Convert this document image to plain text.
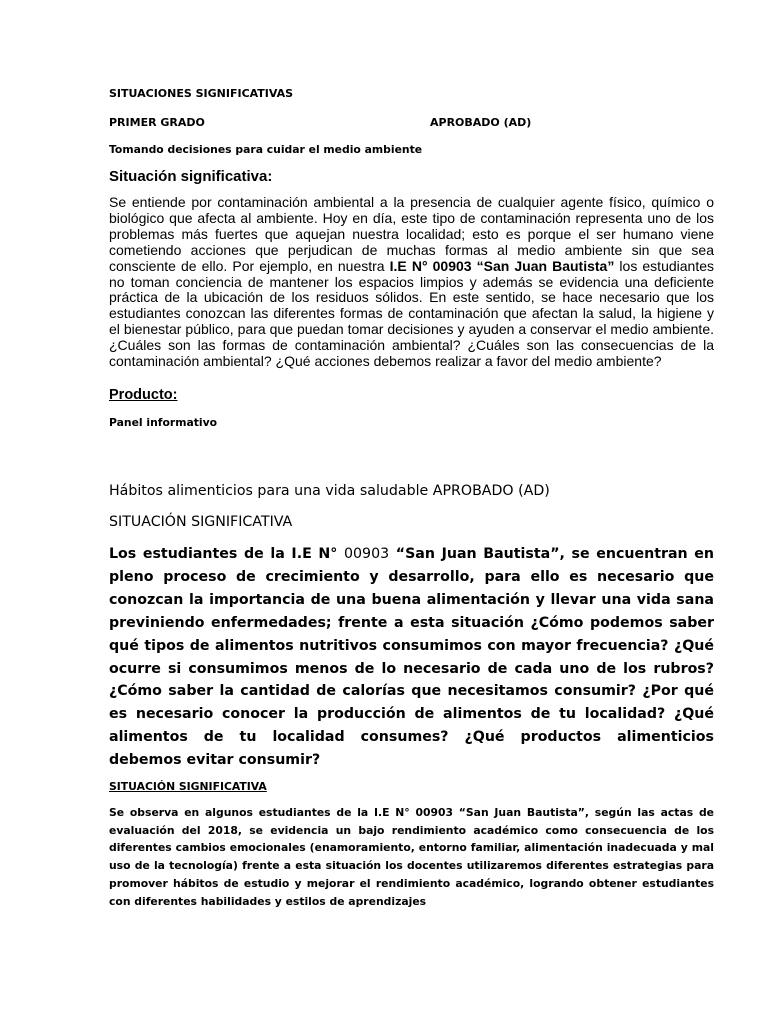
SITUACIONES SIGNIFICATIVAS
PRIMER GRADO	APROBADO (AD)
Tomando decisiones para cuidar el medio ambiente
Situación significativa:
Se entiende por contaminación ambiental a la presencia de cualquier agente físico, químico o biológico que afecta al ambiente. Hoy en día, este tipo de contaminación representa uno de los problemas más fuertes que aquejan nuestra localidad; esto es porque el ser humano viene cometiendo acciones que perjudican de muchas formas al medio ambiente sin que sea consciente de ello. Por ejemplo, en nuestra I.E N° 00903 “San Juan Bautista” los estudiantes no toman conciencia de mantener los espacios limpios y además se evidencia una deficiente práctica de la ubicación de los residuos sólidos. En este sentido, se hace necesario que los estudiantes conozcan las diferentes formas de contaminación que afectan la salud, la higiene y el bienestar público, para que puedan tomar decisiones y ayuden a conservar el medio ambiente. ¿Cuáles son las formas de contaminación ambiental? ¿Cuáles son las consecuencias de la contaminación ambiental? ¿Qué acciones debemos realizar a favor del medio ambiente?
Producto:
Panel informativo
Hábitos alimenticios para una vida saludable APROBADO (AD)
SITUACIÓN SIGNIFICATIVA
Los estudiantes de la I.E N° 00903 “San Juan Bautista”, se encuentran en pleno proceso de crecimiento y desarrollo, para ello es necesario que conozcan la importancia de una buena alimentación y llevar una vida sana previniendo enfermedades; frente a esta situación ¿Cómo podemos saber qué tipos de alimentos nutritivos consumimos con mayor frecuencia? ¿Qué ocurre si consumimos menos de lo necesario de cada uno de los rubros? ¿Cómo saber la cantidad de calorías que necesitamos consumir? ¿Por qué es necesario conocer la producción de alimentos de tu localidad? ¿Qué alimentos de tu localidad consumes? ¿Qué productos alimenticios debemos evitar consumir?
SITUACIÓN SIGNIFICATIVA
Se observa en algunos estudiantes de la I.E N° 00903 “San Juan Bautista”, según las actas de evaluación del 2018, se evidencia un bajo rendimiento académico como consecuencia de los diferentes cambios emocionales (enamoramiento, entorno familiar, alimentación inadecuada y mal uso de la tecnología) frente a esta situación los docentes utilizaremos diferentes estrategias para promover hábitos de estudio y mejorar el rendimiento académico, logrando obtener estudiantes con diferentes habilidades y estilos de aprendizajes
